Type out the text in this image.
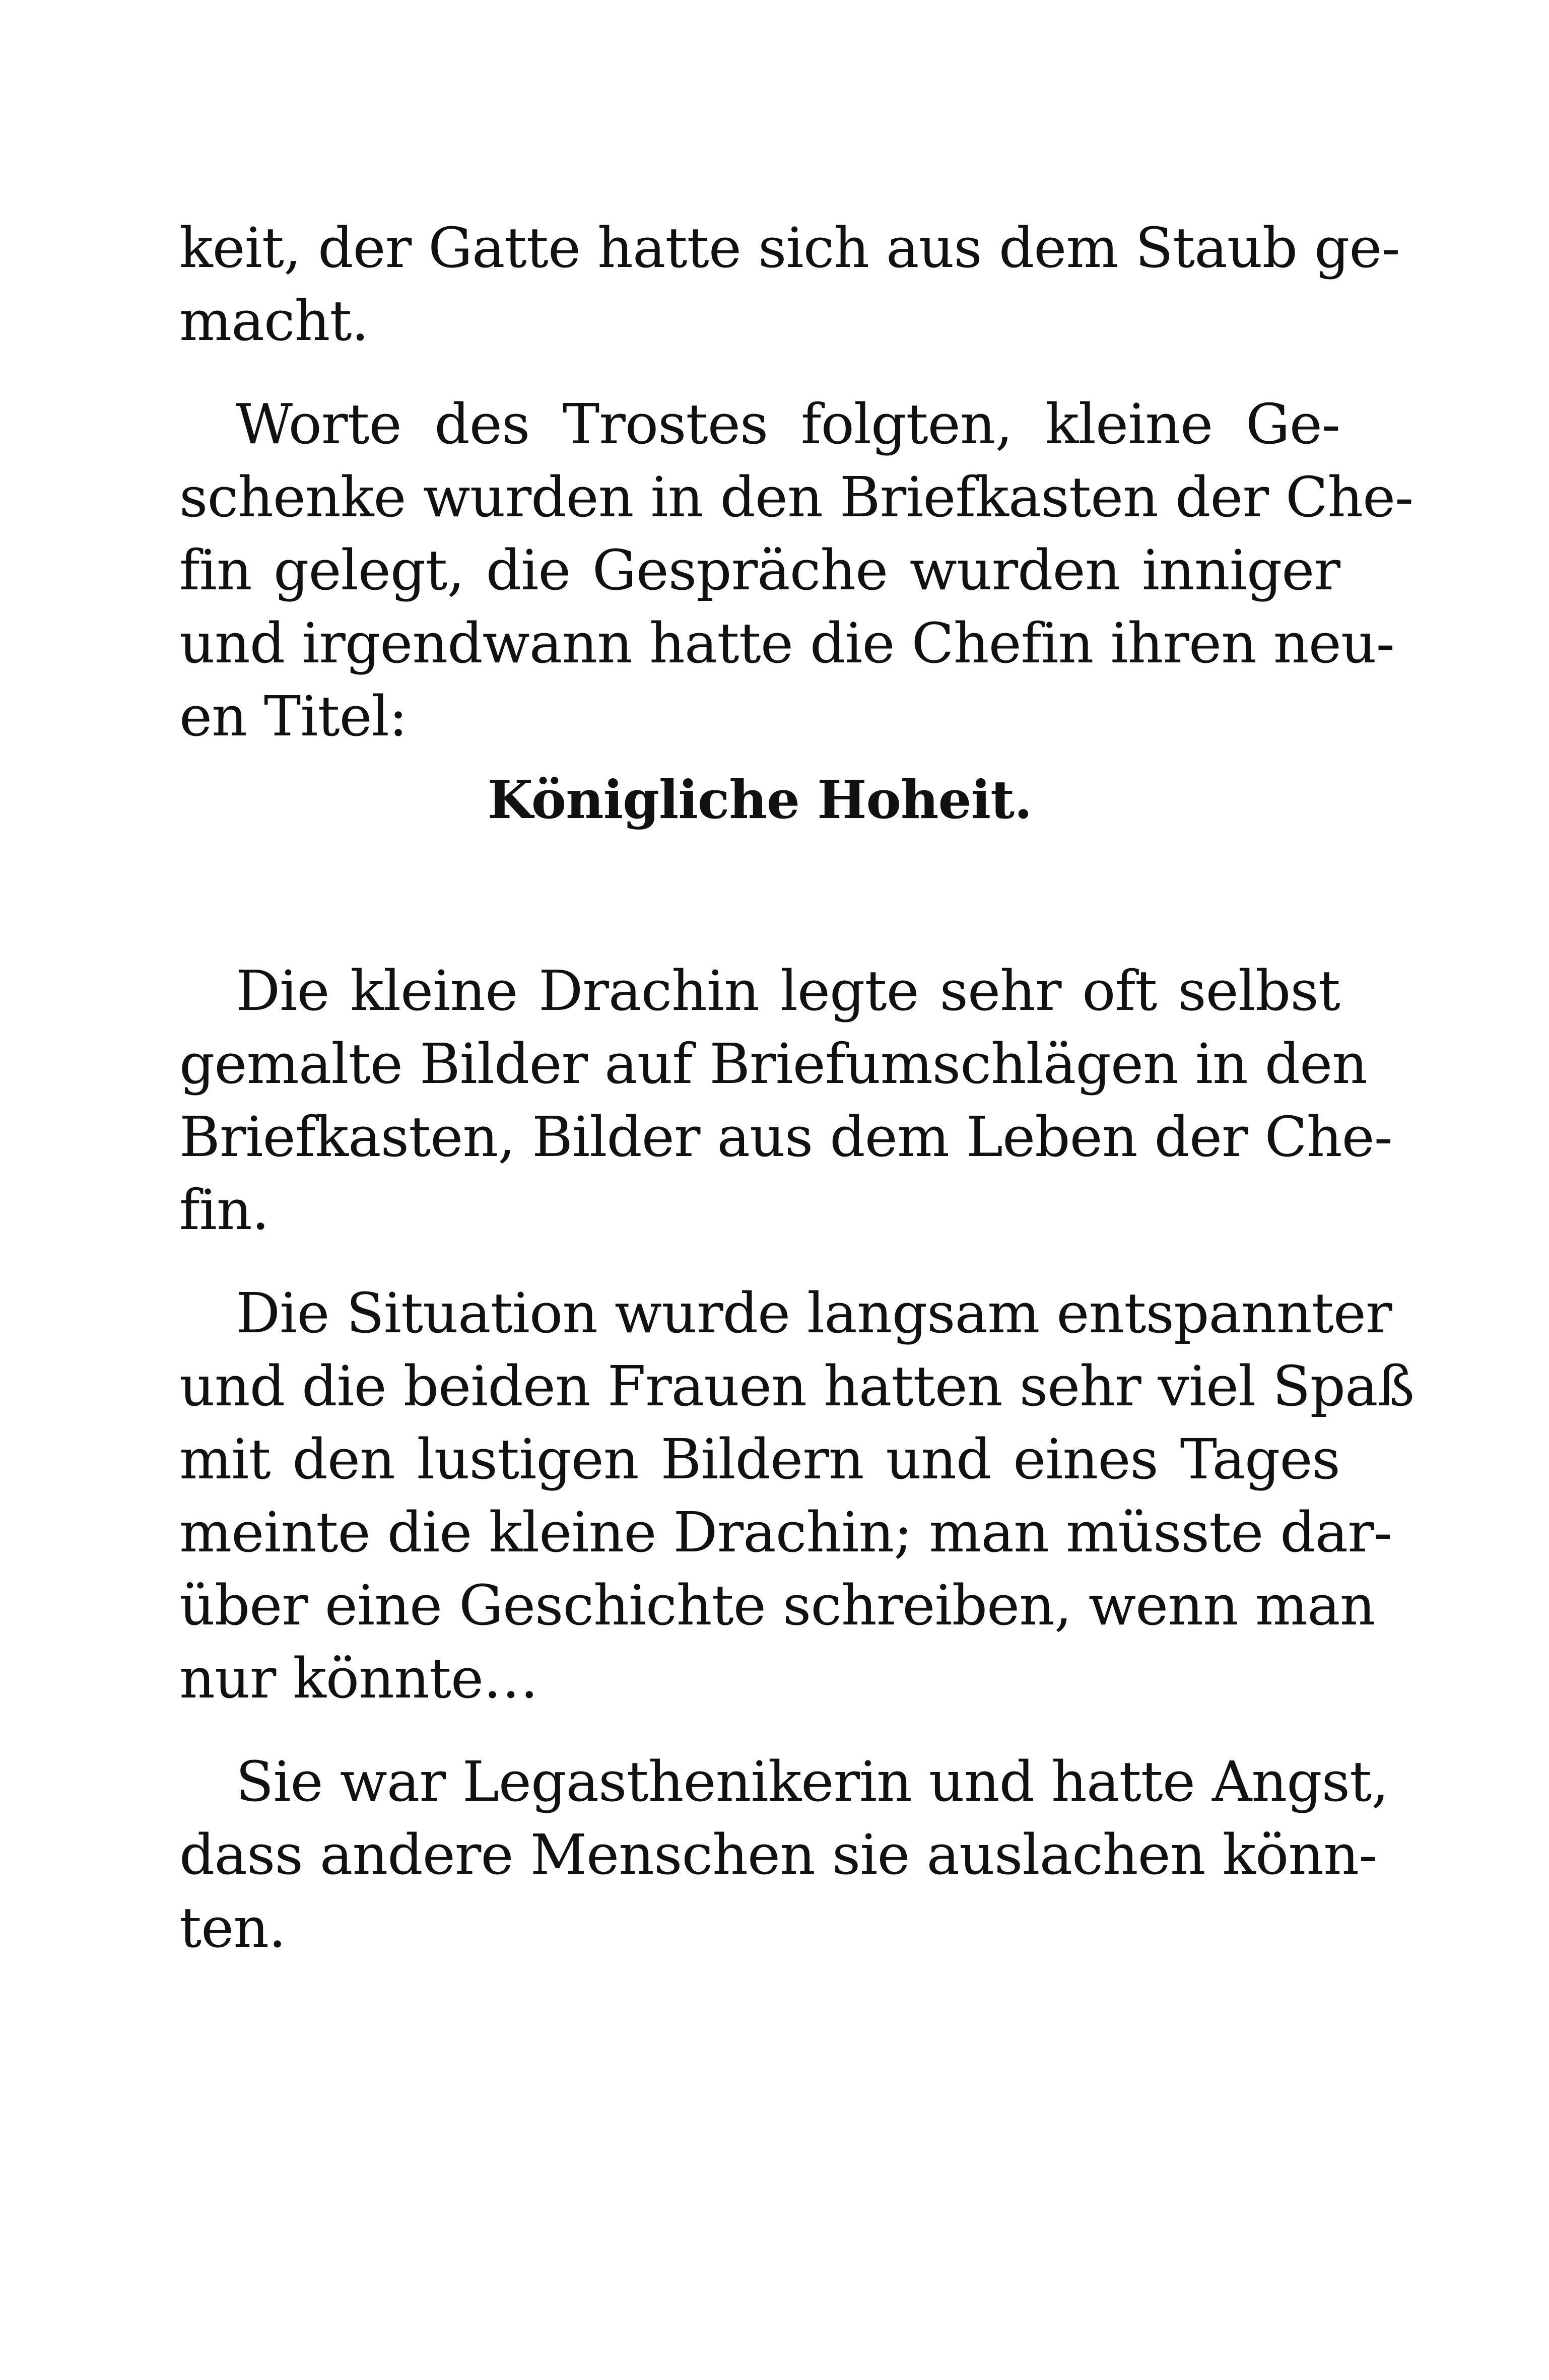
keit, der Gatte hatte sich aus dem Staub ge-
macht.
Worte des Trostes folgten, kleine Ge-
schenke wurden in den Briefkasten der Che-
fin gelegt, die Gespräche wurden inniger
und irgendwann hatte die Chefin ihren neu-
en Titel:
Königliche Hoheit.
Die kleine Drachin legte sehr oft selbst
gemalte Bilder auf Briefumschlägen in den
Briefkasten, Bilder aus dem Leben der Che-
fin.
Die Situation wurde langsam entspannter
und die beiden Frauen hatten sehr viel Spaß
mit den lustigen Bildern und eines Tages
meinte die kleine Drachin; man müsste dar-
über eine Geschichte schreiben, wenn man
nur könnte…
Sie war Legasthenikerin und hatte Angst,
dass andere Menschen sie auslachen könn-
ten.
